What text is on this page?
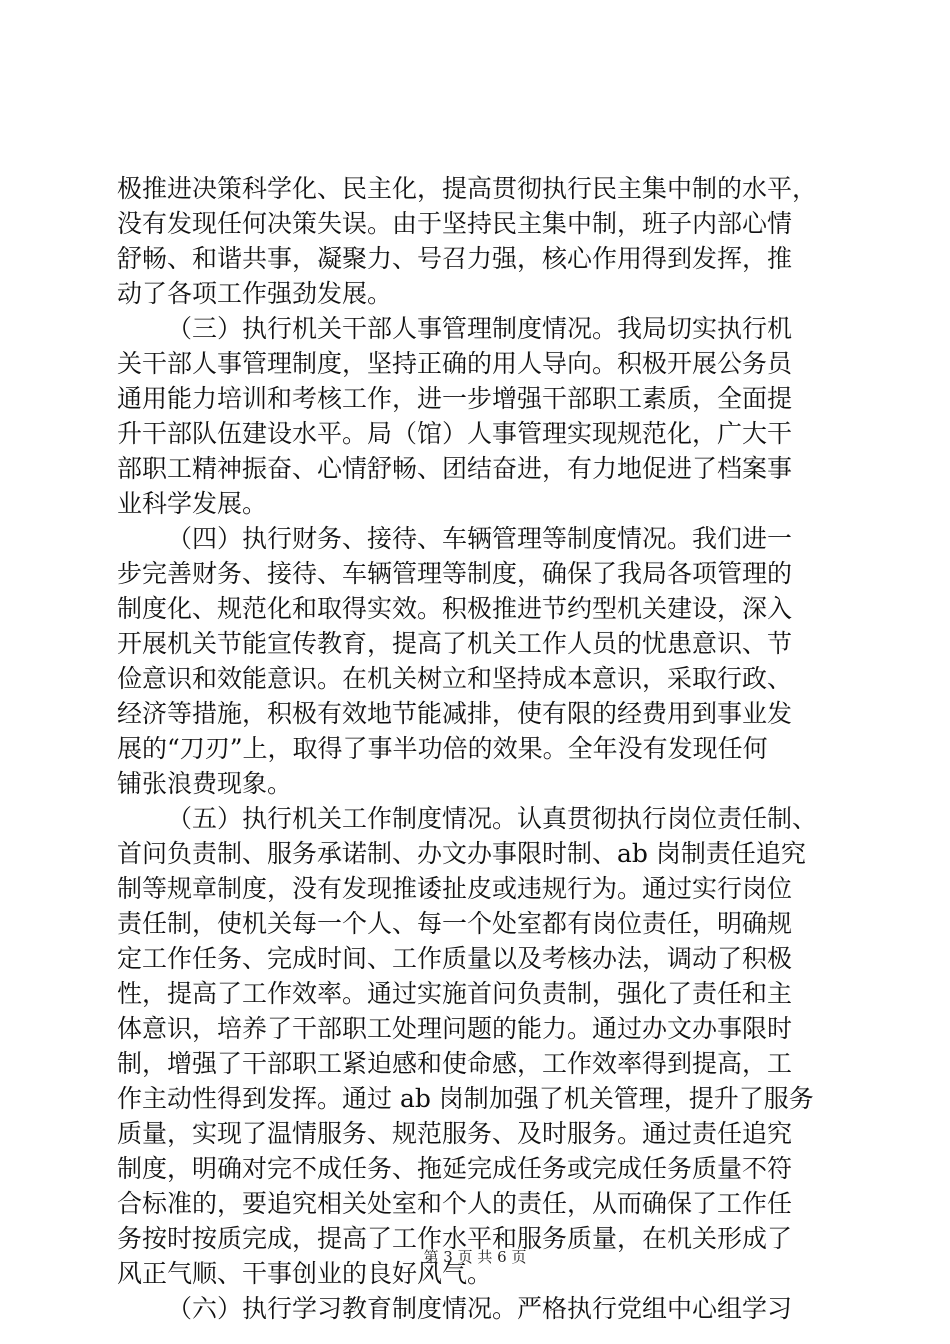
极推进决策科学化、民主化，提高贯彻执行民主集中制的水平，
没有发现任何决策失误。由于坚持民主集中制，班子内部心情
舒畅、和谐共事，凝聚力、号召力强，核心作用得到发挥，推
动了各项工作强劲发展。
（三）执行机关干部人事管理制度情况。我局切实执行机
关干部人事管理制度，坚持正确的用人导向。积极开展公务员
通用能力培训和考核工作，进一步增强干部职工素质，全面提
升干部队伍建设水平。局（馆）人事管理实现规范化，广大干
部职工精神振奋、心情舒畅、团结奋进，有力地促进了档案事
业科学发展。
（四）执行财务、接待、车辆管理等制度情况。我们进一
步完善财务、接待、车辆管理等制度，确保了我局各项管理的
制度化、规范化和取得实效。积极推进节约型机关建设，深入
开展机关节能宣传教育，提高了机关工作人员的忧患意识、节
俭意识和效能意识。在机关树立和坚持成本意识，采取行政、
经济等措施，积极有效地节能减排，使有限的经费用到事业发
展的“刀刃”上，取得了事半功倍的效果。全年没有发现任何
铺张浪费现象。
（五）执行机关工作制度情况。认真贯彻执行岗位责任制、
首问负责制、服务承诺制、办文办事限时制、ab 岗制责任追究
制等规章制度，没有发现推诿扯皮或违规行为。通过实行岗位
责任制，使机关每一个人、每一个处室都有岗位责任，明确规
定工作任务、完成时间、工作质量以及考核办法，调动了积极
性，提高了工作效率。通过实施首问负责制，强化了责任和主
体意识，培养了干部职工处理问题的能力。通过办文办事限时
制，增强了干部职工紧迫感和使命感，工作效率得到提高，工
作主动性得到发挥。通过 ab 岗制加强了机关管理，提升了服务
质量，实现了温情服务、规范服务、及时服务。通过责任追究
制度，明确对完不成任务、拖延完成任务或完成任务质量不符
合标准的，要追究相关处室和个人的责任，从而确保了工作任
务按时按质完成，提高了工作水平和服务质量，在机关形成了
风正气顺、干事创业的良好风气。
（六）执行学习教育制度情况。严格执行党组中心组学习
第 3 页 共 6 页
